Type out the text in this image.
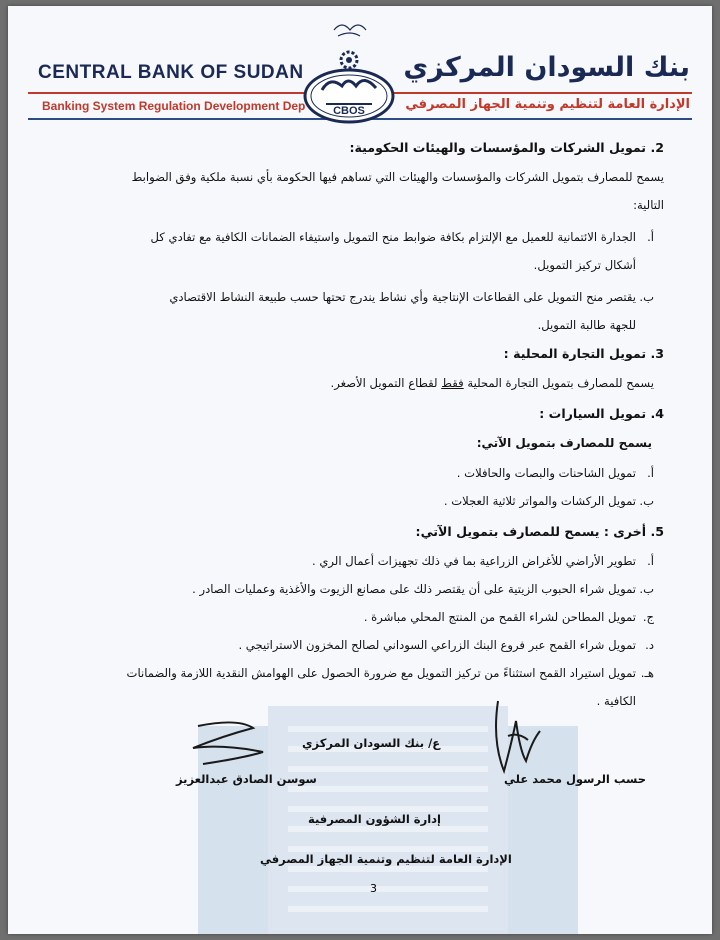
CENTRAL BANK OF SUDAN
Banking System Regulation Development Dep
بنك السودان المركزي
الإدارة العامة لتنظيم وتنمية الجهاز المصرفي
CBOS
2. تمويل الشركات والمؤسسات والهيئات الحكومية:
يسمح للمصارف بتمويل الشركات والمؤسسات والهيئات التي تساهم فيها الحكومة بأي نسبة ملكية وفق الضوابط
التالية:
أ.
الجدارة الائتمانية للعميل مع الإلتزام بكافة ضوابط منح التمويل واستيفاء الضمانات الكافية مع تفادي كل
أشكال تركيز التمويل.
ب.
يقتصر منح التمويل على القطاعات الإنتاجية وأي نشاط يندرج تحتها حسب طبيعة النشاط الاقتصادي
للجهة طالبة التمويل.
3. تمويل التجارة المحلية :
يسمح للمصارف بتمويل التجارة المحلية فقط لقطاع التمويل الأصغر.
4. تمويل السيارات :
يسمح للمصارف بتمويل الآتي:
أ.
تمويل الشاحنات والبصات والحافلات .
ب.
تمويل الركشات والمواتر ثلاثية العجلات .
5. أخرى : يسمح للمصارف بتمويل الآتي:
أ.
تطوير الأراضي للأغراض الزراعية بما في ذلك تجهيزات أعمال الري .
ب.
تمويل شراء الحبوب الزيتية على أن يقتصر ذلك على مصانع الزيوت والأغذية وعمليات الصادر .
ج.
تمويل المطاحن لشراء القمح من المنتج المحلي مباشرة .
د.
تمويل شراء القمح عبر فروع البنك الزراعي السوداني لصالح المخزون الاستراتيجي .
هـ.
تمويل استيراد القمح استثناءً من تركيز التمويل مع ضرورة الحصول على الهوامش النقدية اللازمة والضمانات
الكافية .
ع/ بنك السودان المركزي
سوسن الصادق عبدالعزيز	حسب الرسول محمد علي
إدارة الشؤون المصرفية
الإدارة العامة لتنظيم وتنمية الجهاز المصرفي
3
